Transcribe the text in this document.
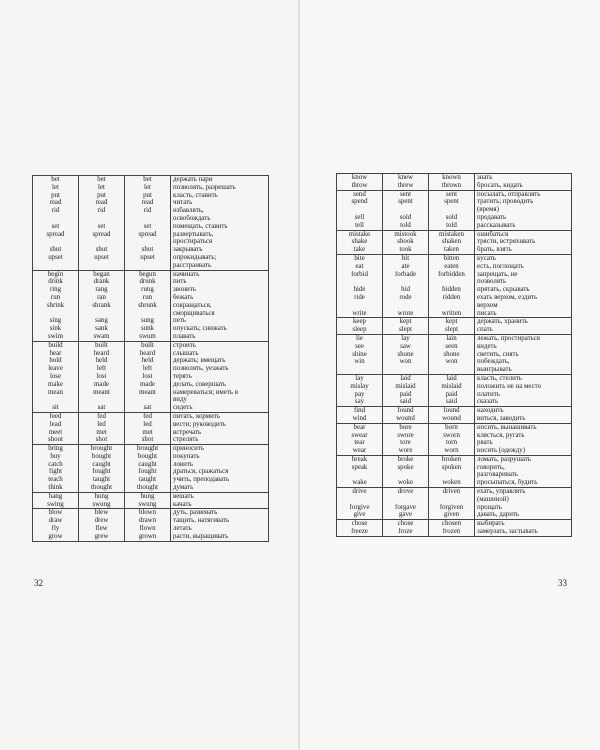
bet	bet	bet	держать пари
let	let	let	позволять, разрешать
put	put	put	класть, ставить
read	read	read	читать
rid	rid	rid	избавлять,
			освобождать
set	set	set	помещать, ставить
spread	spread	spread	развертывать,
			простираться
shut	shut	shut	закрывать
upset	upset	upset	опрокидывать;
			расстраивать
begin	began	begun	начинать
drink	drank	drunk	пить
ring	rang	rung	звонить
run	ran	run	бежать
shrink	shrank	shrunk	сокращаться,
			сморщиваться
sing	sang	sung	петь
sink	sank	sunk	опускать; снижать
swim	swam	swum	плавать
build	built	built	строить
hear	heard	heard	слышать
hold	held	held	держать; вмещать
leave	left	left	позволять, уезжать
lose	lost	lost	терять
make	made	made	делать, совершать
mean	meant	meant	намереваться; иметь в
			виду
sit	sat	sat	сидеть
feed	fed	fed	питать, кормить
lead	led	led	вести; руководить
meet	met	met	встречать
shoot	shot	shot	стрелять
bring	brought	brought	приносить
buy	bought	bought	покупать
catch	caught	caught	ловить
fight	fought	fought	драться, сражаться
teach	taught	taught	учить, преподавать
think	thought	thought	думать
hang	hung	hung	вешать
swing	swung	swung	качать
blow	blew	blown	дуть, развевать
draw	drew	drawn	тащить, натягивать
fly	flew	flown	летать
grow	grew	grown	расти, выращивать
32
know	knew	known	знать
throw	threw	thrown	бросать, кидать
send	sent	sent	посылать, отправлять
spend	spent	spent	тратить; проводить
			(время)
sell	sold	sold	продавать
tell	told	told	рассказывать
mistake	mistook	mistaken	ошибаться
shake	shook	shaken	трясти, встряхивать
take	took	taken	брать, взять
bite	bit	bitten	кусать
eat	ate	eaten	есть, поглощать
forbid	forbade	forbidden	запрещать, не
			позволять
hide	hid	hidden	прятать, скрывать
ride	rode	ridden	ехать верхом, ездить
			верхом
write	wrote	written	писать
keep	kept	kept	держать, хранить
sleep	slept	slept	спать
lie	lay	lain	лежать, простираться
see	saw	seen	видеть
shine	shone	shone	светить, сиять
win	won	won	побеждать,
			выигрывать
lay	laid	laid	класть, стелить
mislay	mislaid	mislaid	положить не на место
pay	paid	paid	платить
say	said	said	сказать
find	found	found	находить
wind	wound	wound	виться, заводить
bear	bore	born	носить, вынашивать
swear	swore	sworn	клясться, ругать
tear	tore	torn	рвать
wear	wore	worn	носить (одежду)
break	broke	broken	ломать, разрушать
speak	spoke	spoken	говорить,
			разговаривать
wake	woke	woken	просыпаться, будить
drive	drove	driven	ехать, управлять
			(машиной)
forgive	forgave	forgiven	прощать
give	gave	given	давать, дарить
chose	chose	chosen	выбирать
freeze	froze	frozen	замерзать, застывать
33
